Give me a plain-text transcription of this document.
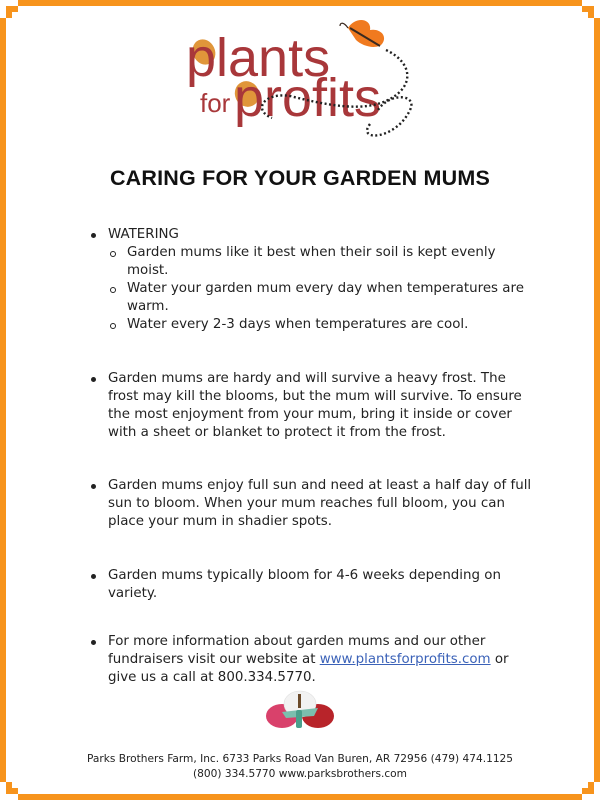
plants
for profits
CARING FOR YOUR GARDEN MUMS
WATERING
Garden mums like it best when their soil is kept evenly moist.
Water your garden mum every day when temperatures are warm.
Water every 2-3 days when temperatures are cool.
Garden mums are hardy and will survive a heavy frost. The frost may kill the blooms, but the mum will survive. To ensure the most enjoyment from your mum, bring it inside or cover with a sheet or blanket to protect it from the frost.
Garden mums enjoy full sun and need at least a half day of full sun to bloom. When your mum reaches full bloom, you can place your mum in shadier spots.
Garden mums typically bloom for 4-6 weeks depending on variety.
For more information about garden mums and our other fundraisers visit our website at www.plantsforprofits.com or give us a call at 800.334.5770.
Parks Brothers Farm, Inc. 6733 Parks Road Van Buren, AR 72956 (479) 474.1125
(800) 334.5770 www.parksbrothers.com
